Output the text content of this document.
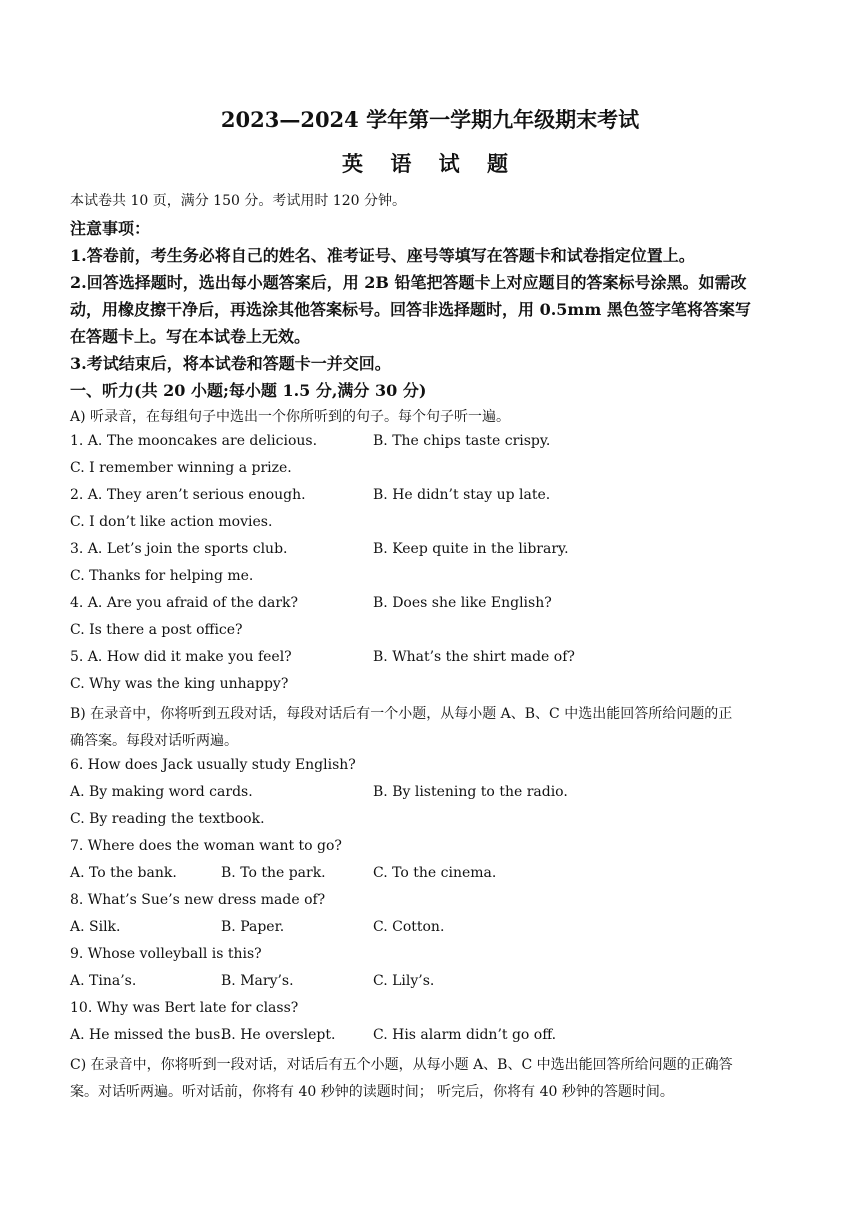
2023—2024 学年第一学期九年级期末考试
英 语 试 题
本试卷共 10 页，满分 150 分。考试用时 120 分钟。
注意事项：
1.答卷前，考生务必将自己的姓名、准考证号、座号等填写在答题卡和试卷指定位置上。
2.回答选择题时，选出每小题答案后，用 2B 铅笔把答题卡上对应题目的答案标号涂黑。如需改
动，用橡皮擦干净后，再选涂其他答案标号。回答非选择题时，用 0.5mm 黑色签字笔将答案写
在答题卡上。写在本试卷上无效。
3.考试结束后，将本试卷和答题卡一并交回。
一、听力(共 20 小题;每小题 1.5 分,满分 30 分)
A) 听录音，在每组句子中选出一个你所听到的句子。每个句子听一遍。
1. A. The mooncakes are delicious.	B. The chips taste crispy.
C. I remember winning a prize.
2. A. They aren’t serious enough.	B. He didn’t stay up late.
C. I don’t like action movies.
3. A. Let’s join the sports club.	B. Keep quite in the library.
C. Thanks for helping me.
4. A. Are you afraid of the dark?	B. Does she like English?
C. Is there a post office?
5. A. How did it make you feel?	B. What’s the shirt made of?
C. Why was the king unhappy?
B) 在录音中，你将听到五段对话，每段对话后有一个小题，从每小题 A、B、C 中选出能回答所给问题的正
确答案。每段对话听两遍。
6. How does Jack usually study English?
A. By making word cards.	B. By listening to the radio.
C. By reading the textbook.
7. Where does the woman want to go?
A. To the bank.	B. To the park.	C. To the cinema.
8. What’s Sue’s new dress made of?
A. Silk.	B. Paper.	C. Cotton.
9. Whose volleyball is this?
A. Tina’s.	B. Mary’s.	C. Lily’s.
10. Why was Bert late for class?
A. He missed the bus.
B. He overslept.	C. His alarm didn’t go off.
C) 在录音中，你将听到一段对话，对话后有五个小题，从每小题 A、B、C 中选出能回答所给问题的正确答
案。对话听两遍。听对话前，你将有 40 秒钟的读题时间； 听完后，你将有 40 秒钟的答题时间。
